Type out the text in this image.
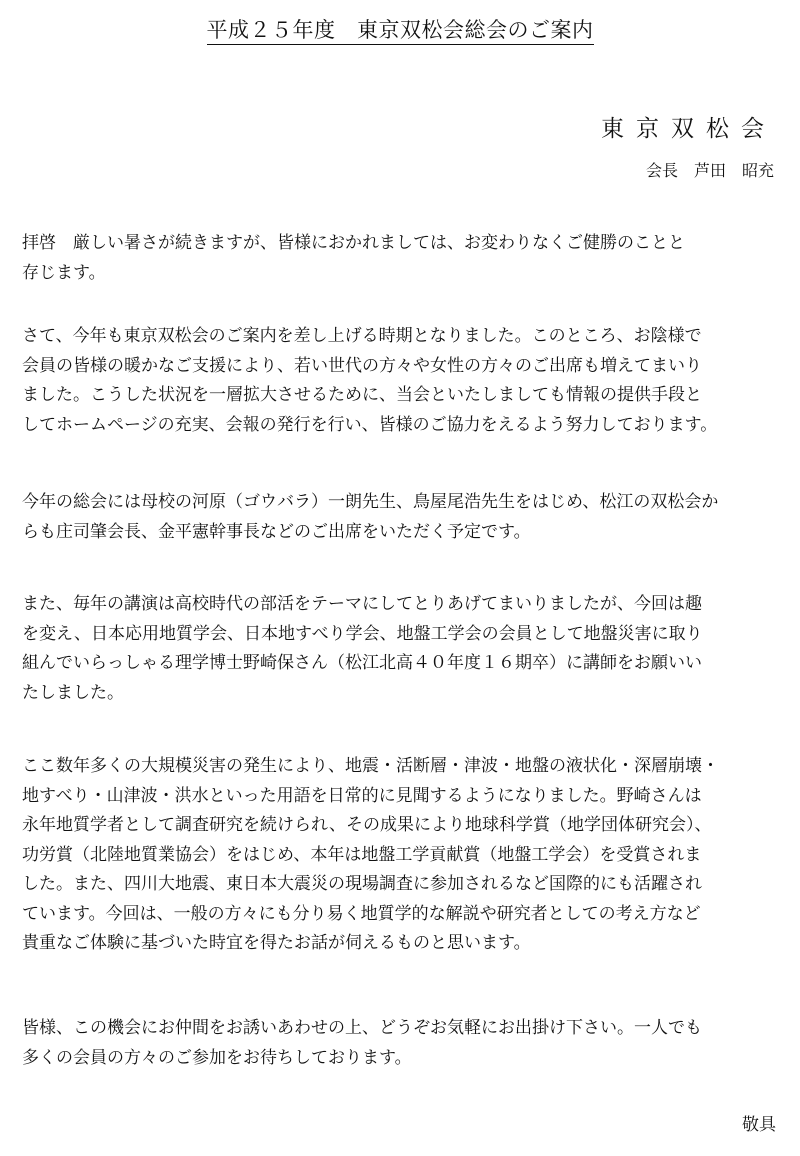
平成２５年度　東京双松会総会のご案内
東京双松会
会長　芦田　昭充

拝啓　厳しい暑さが続きますが、皆様におかれましては、お変わりなくご健勝のことと
存じます。

さて、今年も東京双松会のご案内を差し上げる時期となりました。このところ、お陰様で
会員の皆様の暖かなご支援により、若い世代の方々や女性の方々のご出席も増えてまいり
ました。こうした状況を一層拡大させるために、当会といたしましても情報の提供手段と
してホームページの充実、会報の発行を行い、皆様のご協力をえるよう努力しております。

今年の総会には母校の河原（ゴウバラ）一朗先生、鳥屋尾浩先生をはじめ、松江の双松会か
らも庄司肇会長、金平憲幹事長などのご出席をいただく予定です。

また、毎年の講演は高校時代の部活をテーマにしてとりあげてまいりましたが、今回は趣
を変え、日本応用地質学会、日本地すべり学会、地盤工学会の会員として地盤災害に取り
組んでいらっしゃる理学博士野崎保さん（松江北高４０年度１６期卒）に講師をお願いい
たしました。

ここ数年多くの大規模災害の発生により、地震・活断層・津波・地盤の液状化・深層崩壊・
地すべり・山津波・洪水といった用語を日常的に見聞するようになりました。野崎さんは
永年地質学者として調査研究を続けられ、その成果により地球科学賞（地学団体研究会）、
功労賞（北陸地質業協会）をはじめ、本年は地盤工学貢献賞（地盤工学会）を受賞されま
した。また、四川大地震、東日本大震災の現場調査に参加されるなど国際的にも活躍され
ています。今回は、一般の方々にも分り易く地質学的な解説や研究者としての考え方など
貴重なご体験に基づいた時宜を得たお話が伺えるものと思います。

皆様、この機会にお仲間をお誘いあわせの上、どうぞお気軽にお出掛け下さい。一人でも
多くの会員の方々のご参加をお待ちしております。

敬具
